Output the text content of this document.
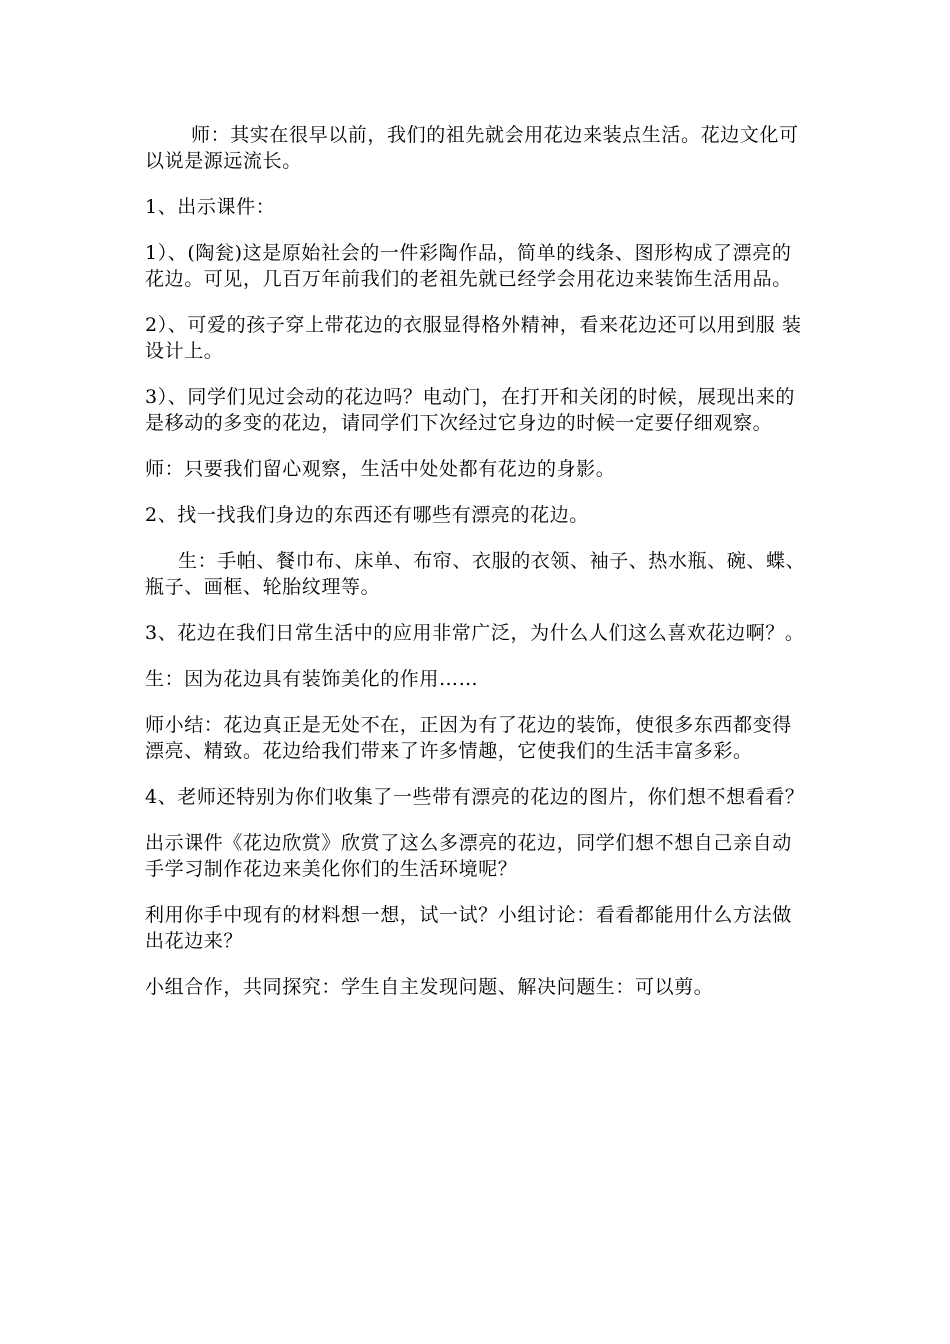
师：其实在很早以前，我们的祖先就会用花边来装点生活。花边文化可以说是源远流长。

1、出示课件：

1）、(陶瓮)这是原始社会的一件彩陶作品，简单的线条、图形构成了漂亮的花边。可见，几百万年前我们的老祖先就已经学会用花边来装饰生活用品。

2）、可爱的孩子穿上带花边的衣服显得格外精神，看来花边还可以用到服 装设计上。

3）、同学们见过会动的花边吗？电动门，在打开和关闭的时候，展现出来的是移动的多变的花边，请同学们下次经过它身边的时候一定要仔细观察。

师：只要我们留心观察，生活中处处都有花边的身影。

2、找一找我们身边的东西还有哪些有漂亮的花边。

生：手帕、餐巾布、床单、布帘、衣服的衣领、袖子、热水瓶、碗、蝶、瓶子、画框、轮胎纹理等。

3、花边在我们日常生活中的应用非常广泛，为什么人们这么喜欢花边啊？。

生：因为花边具有装饰美化的作用……

师小结：花边真正是无处不在，正因为有了花边的装饰，使很多东西都变得漂亮、精致。花边给我们带来了许多情趣，它使我们的生活丰富多彩。

4、老师还特别为你们收集了一些带有漂亮的花边的图片，你们想不想看看？

出示课件《花边欣赏》欣赏了这么多漂亮的花边，同学们想不想自己亲自动手学习制作花边来美化你们的生活环境呢？

利用你手中现有的材料想一想，试一试？小组讨论：看看都能用什么方法做出花边来？

小组合作，共同探究：学生自主发现问题、解决问题生：可以剪。
